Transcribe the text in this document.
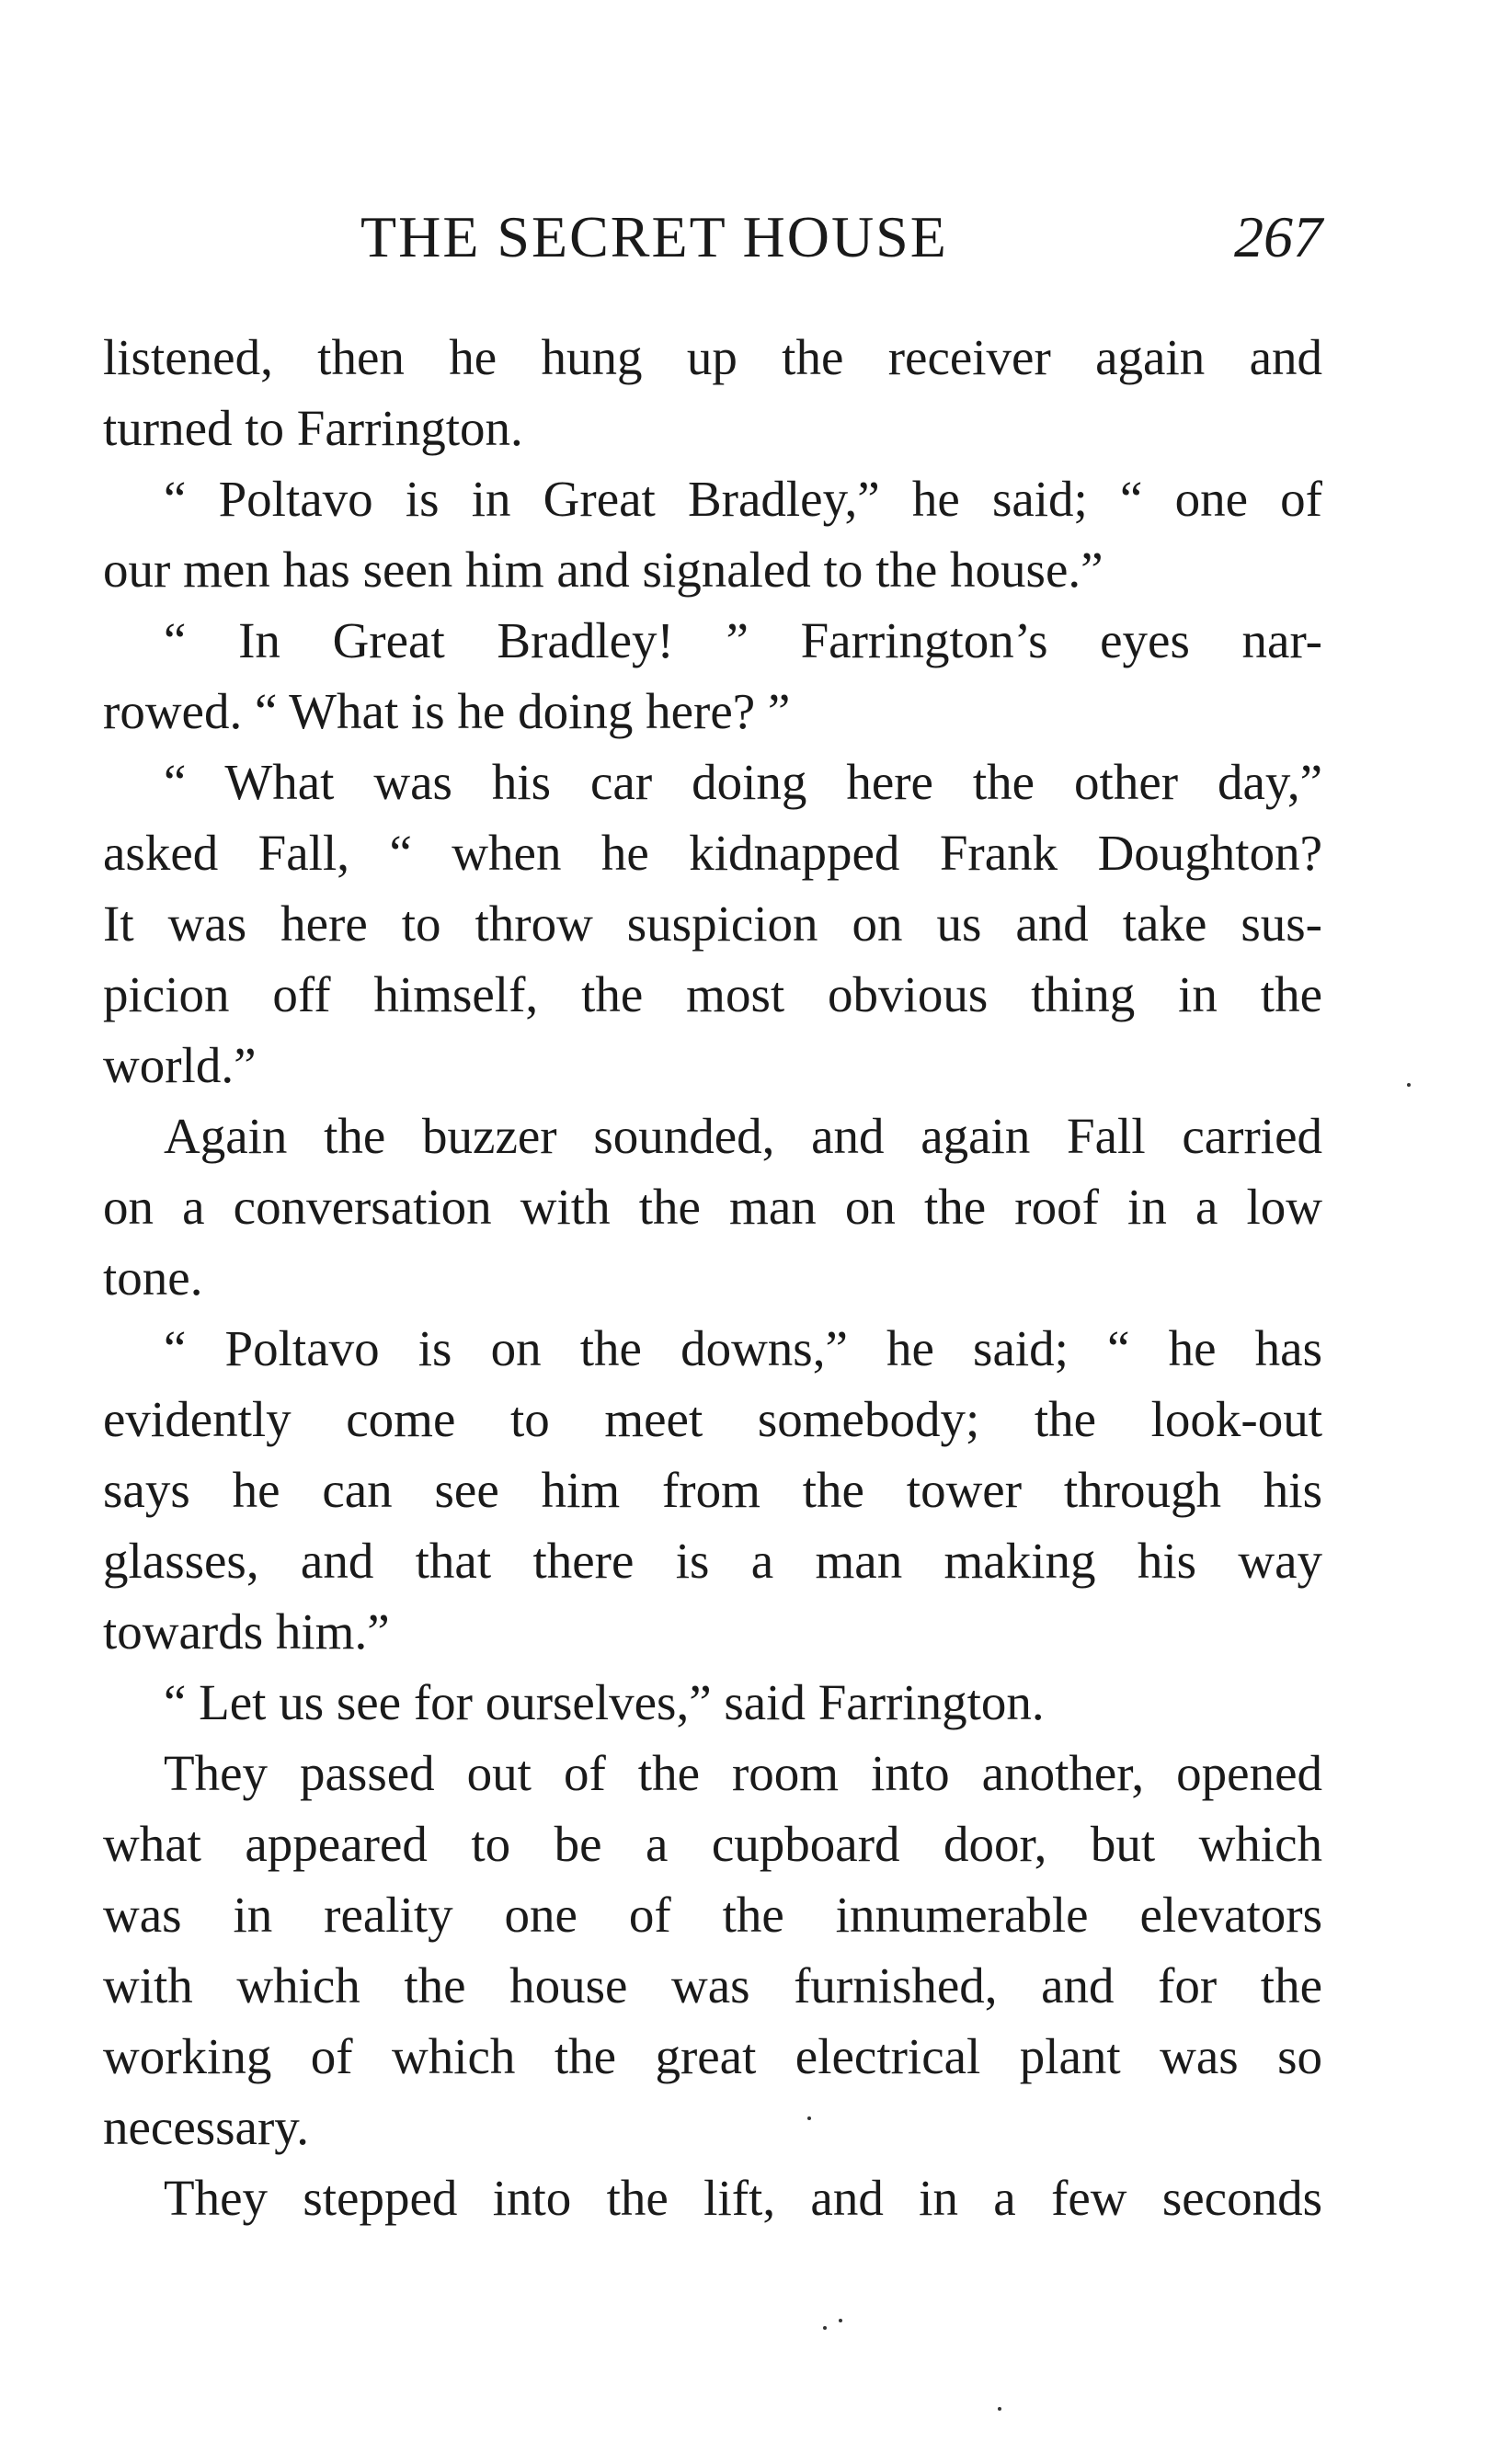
THE SECRET HOUSE	267
listened, then he hung up the receiver again and
turned to Farrington.
“ Poltavo is in Great Bradley,” he said; “ one of
our men has seen him and signaled to the house.”
“ In Great Bradley! ” Farrington’s eyes nar-
rowed. “ What is he doing here? ”
“ What was his car doing here the other day,”
asked Fall, “ when he kidnapped Frank Doughton?
It was here to throw suspicion on us and take sus-
picion off himself, the most obvious thing in the
world.”
Again the buzzer sounded, and again Fall carried
on a conversation with the man on the roof in a low
tone.
“ Poltavo is on the downs,” he said; “ he has
evidently come to meet somebody; the look-out
says he can see him from the tower through his
glasses, and that there is a man making his way
towards him.”
“ Let us see for ourselves,” said Farrington.
They passed out of the room into another, opened
what appeared to be a cupboard door, but which
was in reality one of the innumerable elevators
with which the house was furnished, and for the
working of which the great electrical plant was so
necessary.
They stepped into the lift, and in a few seconds
